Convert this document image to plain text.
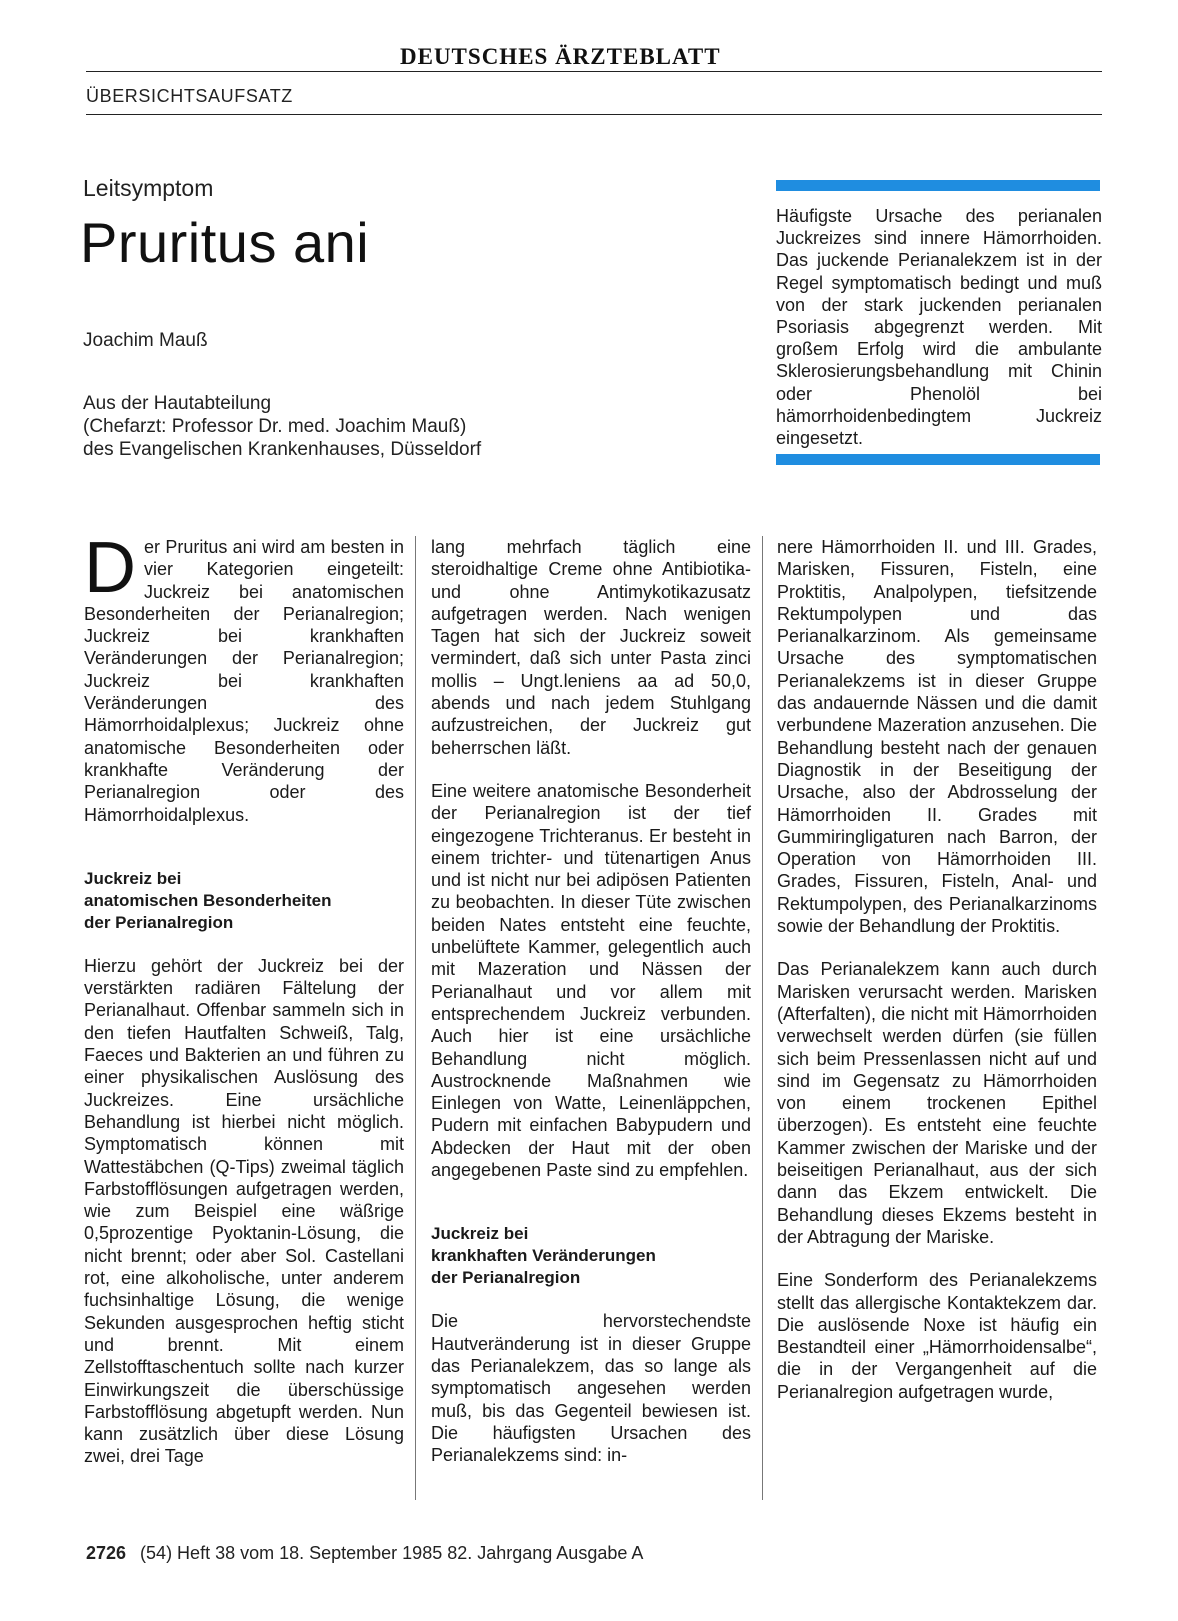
DEUTSCHES ÄRZTEBLATT
ÜBERSICHTSAUFSATZ
Leitsymptom
Pruritus ani
Joachim Mauß
Aus der Hautabteilung
(Chefarzt: Professor Dr. med. Joachim Mauß)
des Evangelischen Krankenhauses, Düsseldorf
Häufigste Ursache des perianalen Juckreizes sind innere Hämorrhoiden. Das juckende Perianalekzem ist in der Regel symptomatisch bedingt und muß von der stark juckenden perianalen Psoriasis abgegrenzt werden. Mit großem Erfolg wird die ambulante Sklerosierungsbehandlung mit Chinin oder Phenolöl bei hämorrhoidenbedingtem Juckreiz eingesetzt.

Der Pruritus ani wird am besten in vier Kategorien eingeteilt: Juckreiz bei anatomischen Besonderheiten der Perianalregion; Juckreiz bei krankhaften Veränderungen der Perianalregion; Juckreiz bei krankhaften Veränderungen des Hämorrhoidalplexus; Juckreiz ohne anatomische Besonderheiten oder krankhafte Veränderung der Perianalregion oder des Hämorrhoidalplexus.

Juckreiz bei
anatomischen Besonderheiten
der Perianalregion

Hierzu gehört der Juckreiz bei der verstärkten radiären Fältelung der Perianalhaut. Offenbar sammeln sich in den tiefen Hautfalten Schweiß, Talg, Faeces und Bakterien an und führen zu einer physikalischen Auslösung des Juckreizes. Eine ursächliche Behandlung ist hierbei nicht möglich. Symptomatisch können mit Wattestäbchen (Q-Tips) zweimal täglich Farbstofflösungen aufgetragen werden, wie zum Beispiel eine wäßrige 0,5prozentige Pyoktanin-Lösung, die nicht brennt; oder aber Sol. Castellani rot, eine alkoholische, unter anderem fuchsinhaltige Lösung, die wenige Sekunden ausgesprochen heftig sticht und brennt. Mit einem Zellstofftaschentuch sollte nach kurzer Einwirkungszeit die überschüssige Farbstofflösung abgetupft werden. Nun kann zusätzlich über diese Lösung zwei, drei Tage

lang mehrfach täglich eine steroidhaltige Creme ohne Antibiotika- und ohne Antimykotikazusatz aufgetragen werden. Nach wenigen Tagen hat sich der Juckreiz soweit vermindert, daß sich unter Pasta zinci mollis – Ungt.leniens aa ad 50,0, abends und nach jedem Stuhlgang aufzustreichen, der Juckreiz gut beherrschen läßt.

Eine weitere anatomische Besonderheit der Perianalregion ist der tief eingezogene Trichteranus. Er besteht in einem trichter- und tütenartigen Anus und ist nicht nur bei adipösen Patienten zu beobachten. In dieser Tüte zwischen beiden Nates entsteht eine feuchte, unbelüftete Kammer, gelegentlich auch mit Mazeration und Nässen der Perianalhaut und vor allem mit entsprechendem Juckreiz verbunden. Auch hier ist eine ursächliche Behandlung nicht möglich. Austrocknende Maßnahmen wie Einlegen von Watte, Leinenläppchen, Pudern mit einfachen Babypudern und Abdecken der Haut mit der oben angegebenen Paste sind zu empfehlen.

Juckreiz bei
krankhaften Veränderungen
der Perianalregion

Die hervorstechendste Hautveränderung ist in dieser Gruppe das Perianalekzem, das so lange als symptomatisch angesehen werden muß, bis das Gegenteil bewiesen ist. Die häufigsten Ursachen des Perianalekzems sind: in-

nere Hämorrhoiden II. und III. Grades, Marisken, Fissuren, Fisteln, eine Proktitis, Analpolypen, tiefsitzende Rektumpolypen und das Perianalkarzinom. Als gemeinsame Ursache des symptomatischen Perianalekzems ist in dieser Gruppe das andauernde Nässen und die damit verbundene Mazeration anzusehen. Die Behandlung besteht nach der genauen Diagnostik in der Beseitigung der Ursache, also der Abdrosselung der Hämorrhoiden II. Grades mit Gummiringligaturen nach Barron, der Operation von Hämorrhoiden III. Grades, Fissuren, Fisteln, Anal- und Rektumpolypen, des Perianalkarzinoms sowie der Behandlung der Proktitis.

Das Perianalekzem kann auch durch Marisken verursacht werden. Marisken (Afterfalten), die nicht mit Hämorrhoiden verwechselt werden dürfen (sie füllen sich beim Pressenlassen nicht auf und sind im Gegensatz zu Hämorrhoiden von einem trockenen Epithel überzogen). Es entsteht eine feuchte Kammer zwischen der Mariske und der beiseitigen Perianalhaut, aus der sich dann das Ekzem entwickelt. Die Behandlung dieses Ekzems besteht in der Abtragung der Mariske.

Eine Sonderform des Perianalekzems stellt das allergische Kontaktekzem dar. Die auslösende Noxe ist häufig ein Bestandteil einer „Hämorrhoidensalbe“, die in der Vergangenheit auf die Perianalregion aufgetragen wurde,

2726 (54) Heft 38 vom 18. September 1985 82. Jahrgang Ausgabe A
